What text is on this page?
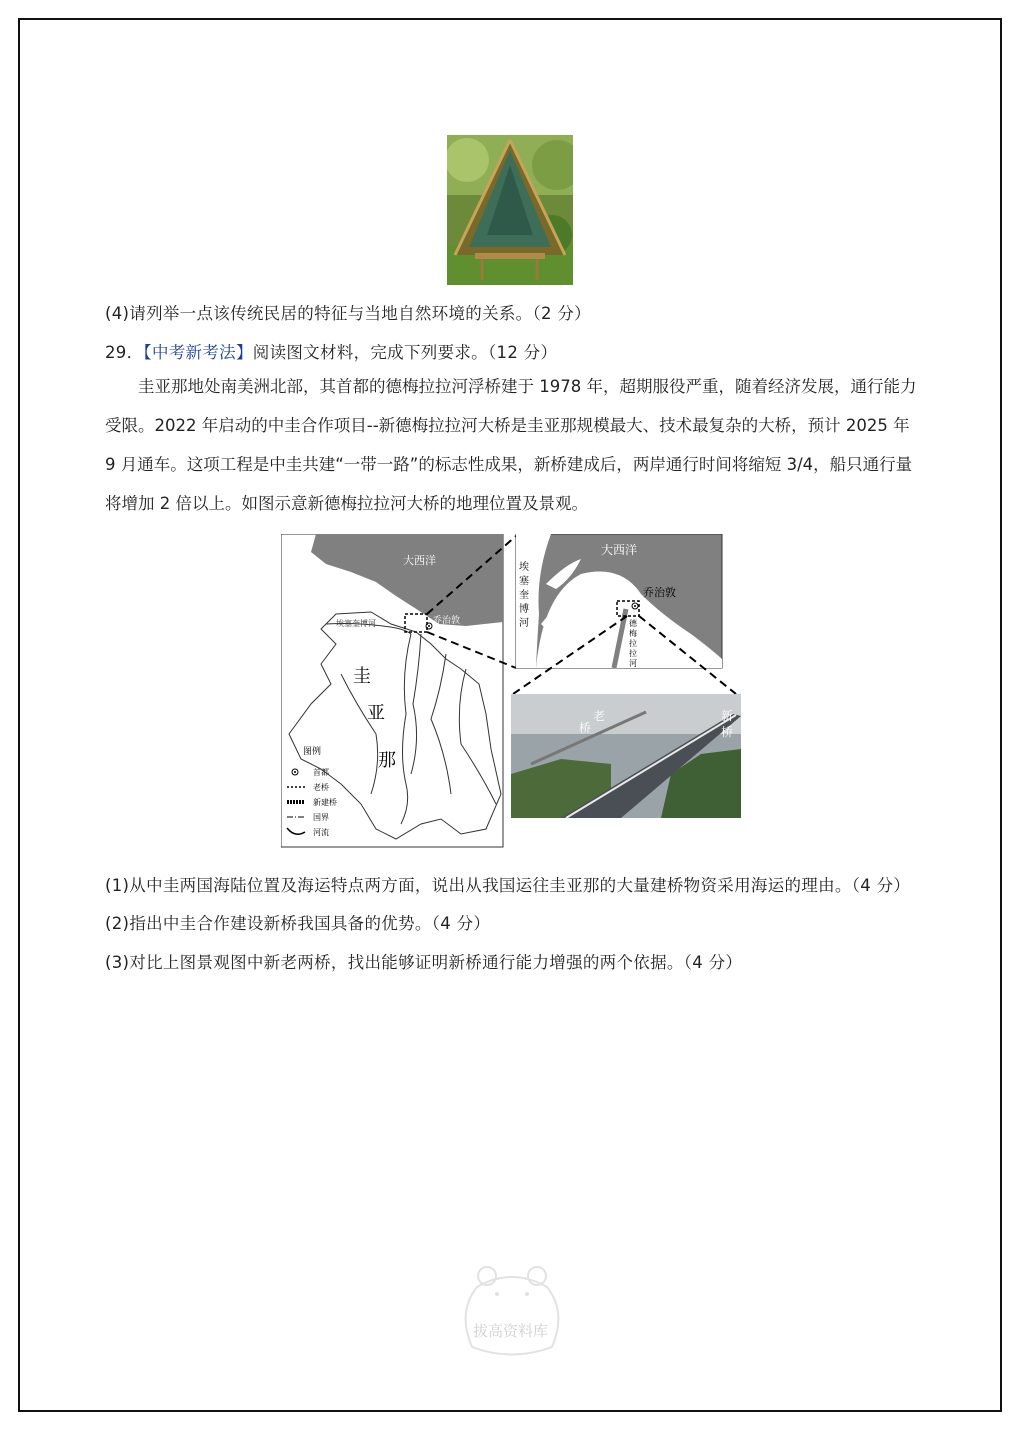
(4)请列举一点该传统民居的特征与当地自然环境的关系。（2 分）
29．【中考新考法】阅读图文材料，完成下列要求。（12 分）
圭亚那地处南美洲北部，其首都的德梅拉拉河浮桥建于 1978 年，超期服役严重，随着经济发展，通行能力受限。2022 年启动的中圭合作项目--新德梅拉拉河大桥是圭亚那规模最大、技术最复杂的大桥，预计 2025 年 9 月通车。这项工程是中圭共建“一带一路”的标志性成果，新桥建成后，两岸通行时间将缩短 3/4，船只通行量将增加 2 倍以上。如图示意新德梅拉拉河大桥的地理位置及景观。
大西洋
乔治敦
埃塞奎博河
圭
亚
那
图例
首都
老桥
新建桥
国界
河流
大西洋
乔治敦
埃
塞
奎
博
河	德
梅
拉
拉
河
老
桥
新
桥
(1)从中圭两国海陆位置及海运特点两方面，说出从我国运往圭亚那的大量建桥物资采用海运的理由。（4 分）
(2)指出中圭合作建设新桥我国具备的优势。（4 分）
(3)对比上图景观图中新老两桥，找出能够证明新桥通行能力增强的两个依据。（4 分）
拔高资料库
